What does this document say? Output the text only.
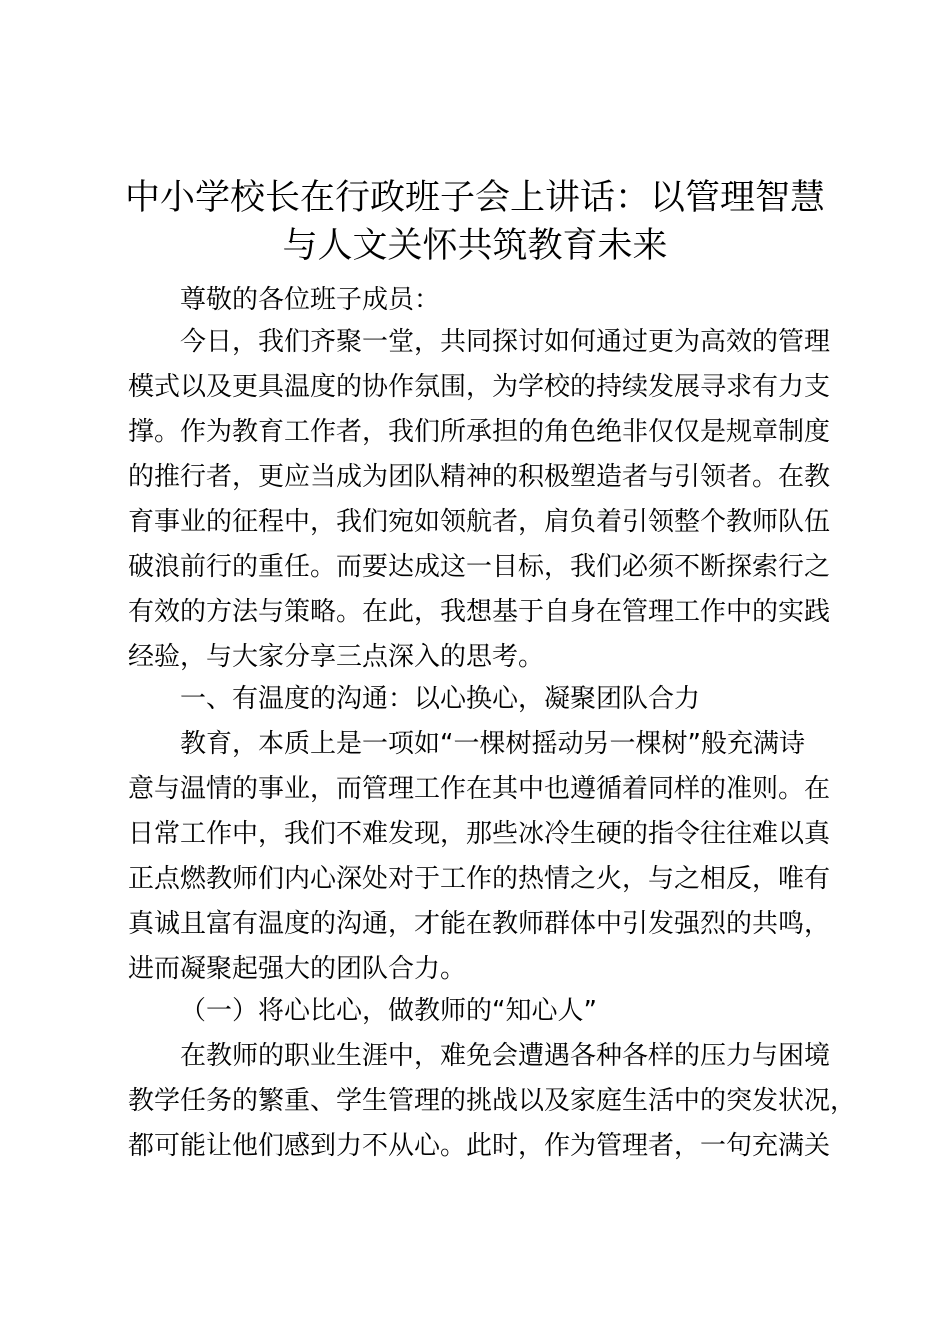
中小学校长在行政班子会上讲话：以管理智慧
与人文关怀共筑教育未来

尊敬的各位班子成员：

今日，我们齐聚一堂，共同探讨如何通过更为高效的管理

模式以及更具温度的协作氛围，为学校的持续发展寻求有力支

撑。作为教育工作者，我们所承担的角色绝非仅仅是规章制度

的推行者，更应当成为团队精神的积极塑造者与引领者。在教

育事业的征程中，我们宛如领航者，肩负着引领整个教师队伍

破浪前行的重任。而要达成这一目标，我们必须不断探索行之

有效的方法与策略。在此，我想基于自身在管理工作中的实践

经验，与大家分享三点深入的思考。

一、有温度的沟通：以心换心，凝聚团队合力

教育，本质上是一项如“一棵树摇动另一棵树”般充满诗

意与温情的事业，而管理工作在其中也遵循着同样的准则。在

日常工作中，我们不难发现，那些冰冷生硬的指令往往难以真

正点燃教师们内心深处对于工作的热情之火，与之相反，唯有

真诚且富有温度的沟通，才能在教师群体中引发强烈的共鸣，

进而凝聚起强大的团队合力。

（一）将心比心，做教师的“知心人”

在教师的职业生涯中，难免会遭遇各种各样的压力与困境

教学任务的繁重、学生管理的挑战以及家庭生活中的突发状况，

都可能让他们感到力不从心。此时，作为管理者，一句充满关
